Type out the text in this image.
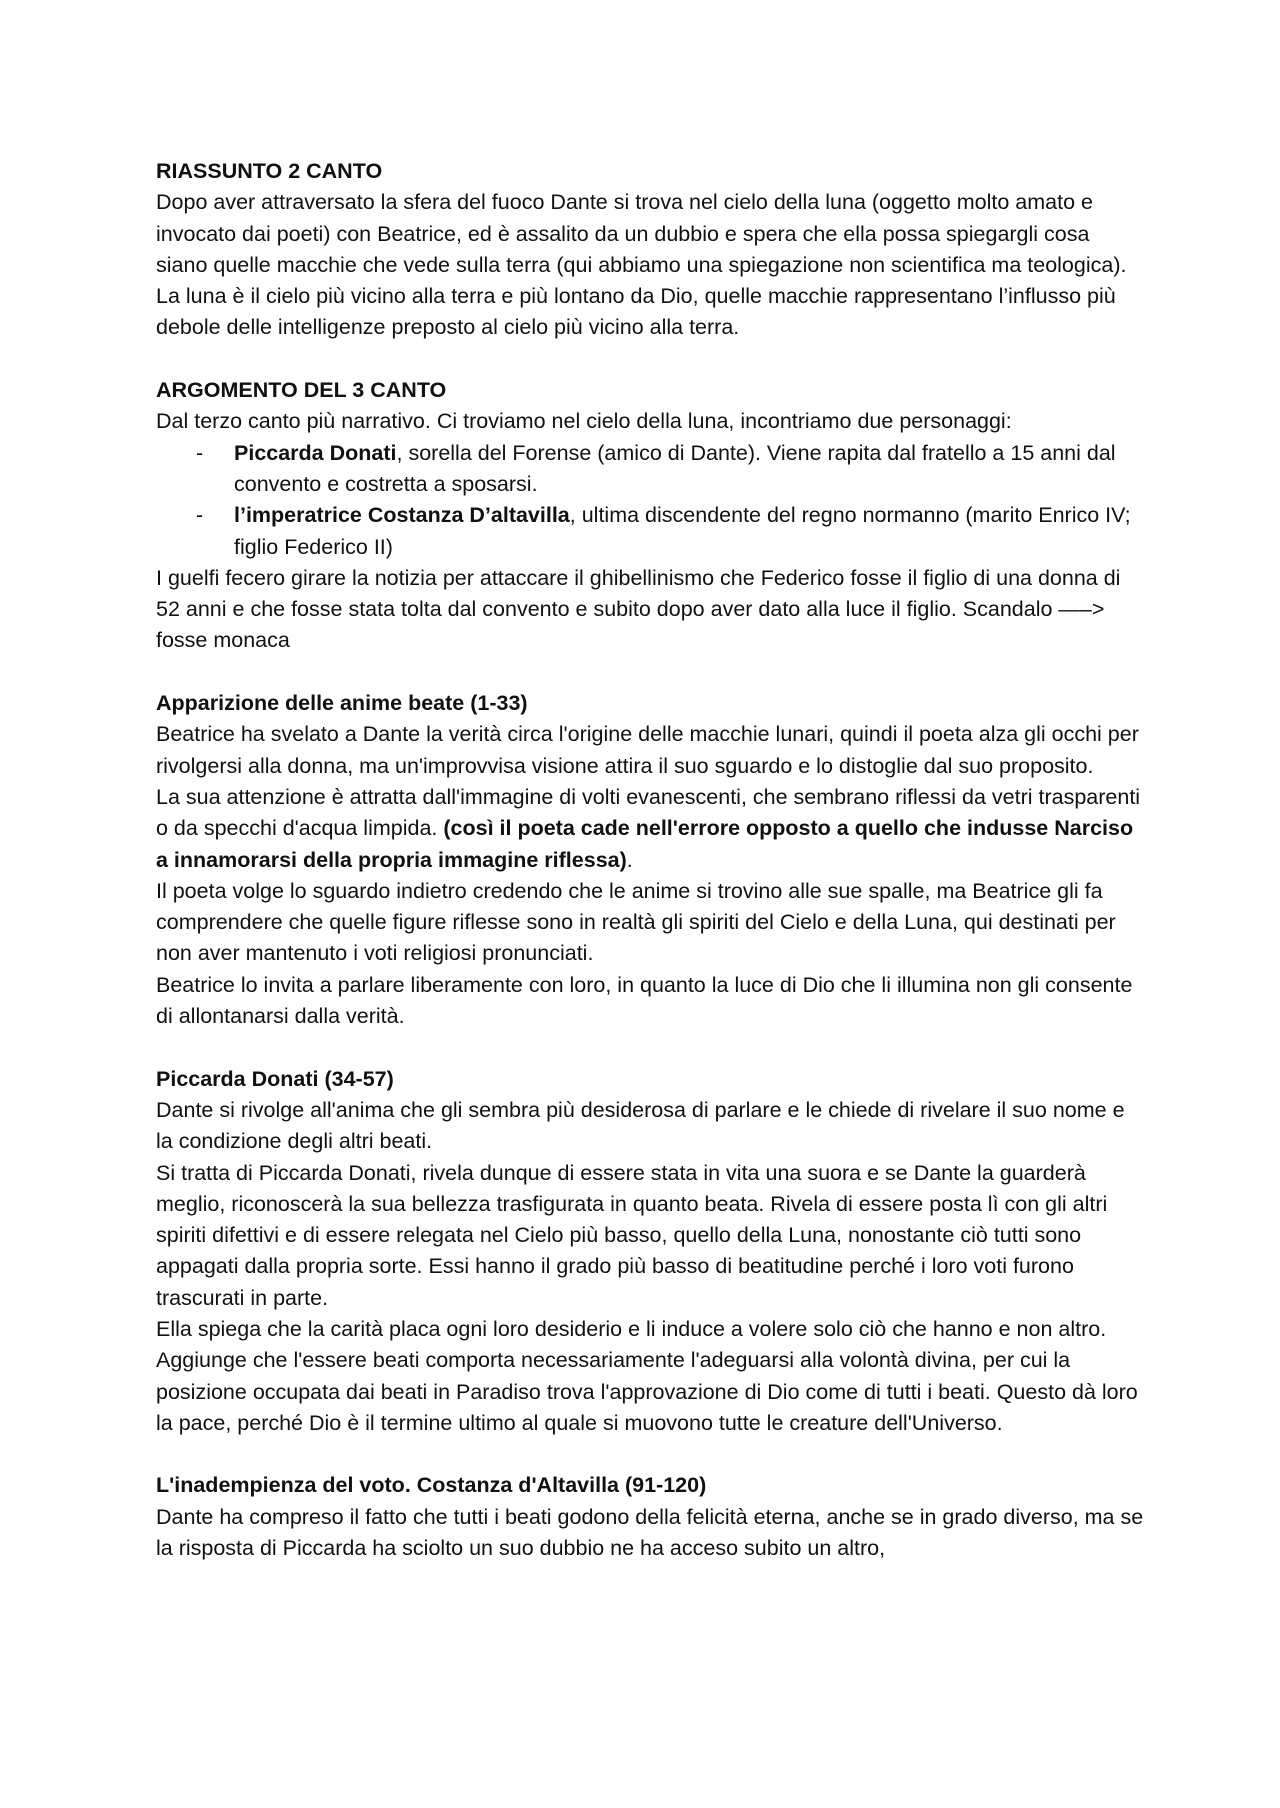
RIASSUNTO 2 CANTO

Dopo aver attraversato la sfera del fuoco Dante si trova nel cielo della luna (oggetto molto amato e invocato dai poeti) con Beatrice, ed è assalito da un dubbio e spera che ella possa spiegargli cosa siano quelle macchie che vede sulla terra (qui abbiamo una spiegazione non scientifica ma teologica).

La luna è il cielo più vicino alla terra e più lontano da Dio, quelle macchie rappresentano l’influsso più debole delle intelligenze preposto al cielo più vicino alla terra.

ARGOMENTO DEL 3 CANTO

Dal terzo canto più narrativo. Ci troviamo nel cielo della luna, incontriamo due personaggi:

- Piccarda Donati, sorella del Forense (amico di Dante). Viene rapita dal fratello a 15 anni dal convento e costretta a sposarsi.
- l’imperatrice Costanza D’altavilla, ultima discendente del regno normanno (marito Enrico IV; figlio Federico II)

I guelfi fecero girare la notizia per attaccare il ghibellinismo che Federico fosse il figlio di una donna di 52 anni e che fosse stata tolta dal convento e subito dopo aver dato alla luce il figlio. Scandalo —–> fosse monaca

Apparizione delle anime beate (1-33)

Beatrice ha svelato a Dante la verità circa l'origine delle macchie lunari, quindi il poeta alza gli occhi per rivolgersi alla donna, ma un'improvvisa visione attira il suo sguardo e lo distoglie dal suo proposito.

La sua attenzione è attratta dall'immagine di volti evanescenti, che sembrano riflessi da vetri trasparenti o da specchi d'acqua limpida. (così il poeta cade nell'errore opposto a quello che indusse Narciso a innamorarsi della propria immagine riflessa).

Il poeta volge lo sguardo indietro credendo che le anime si trovino alle sue spalle, ma Beatrice gli fa comprendere che quelle figure riflesse sono in realtà gli spiriti del Cielo e della Luna, qui destinati per non aver mantenuto i voti religiosi pronunciati.

Beatrice lo invita a parlare liberamente con loro, in quanto la luce di Dio che li illumina non gli consente di allontanarsi dalla verità.

Piccarda Donati (34-57)

Dante si rivolge all'anima che gli sembra più desiderosa di parlare e le chiede di rivelare il suo nome e la condizione degli altri beati.

Si tratta di Piccarda Donati, rivela dunque di essere stata in vita una suora e se Dante la guarderà meglio, riconoscerà la sua bellezza trasfigurata in quanto beata. Rivela di essere posta lì con gli altri spiriti difettivi e di essere relegata nel Cielo più basso, quello della Luna, nonostante ciò tutti sono appagati dalla propria sorte. Essi hanno il grado più basso di beatitudine perché i loro voti furono trascurati in parte.

Ella spiega che la carità placa ogni loro desiderio e li induce a volere solo ciò che hanno e non altro. Aggiunge che l'essere beati comporta necessariamente l'adeguarsi alla volontà divina, per cui la posizione occupata dai beati in Paradiso trova l'approvazione di Dio come di tutti i beati. Questo dà loro la pace, perché Dio è il termine ultimo al quale si muovono tutte le creature dell'Universo.

L'inadempienza del voto. Costanza d'Altavilla (91-120)

Dante ha compreso il fatto che tutti i beati godono della felicità eterna, anche se in grado diverso, ma se la risposta di Piccarda ha sciolto un suo dubbio ne ha acceso subito un altro,
